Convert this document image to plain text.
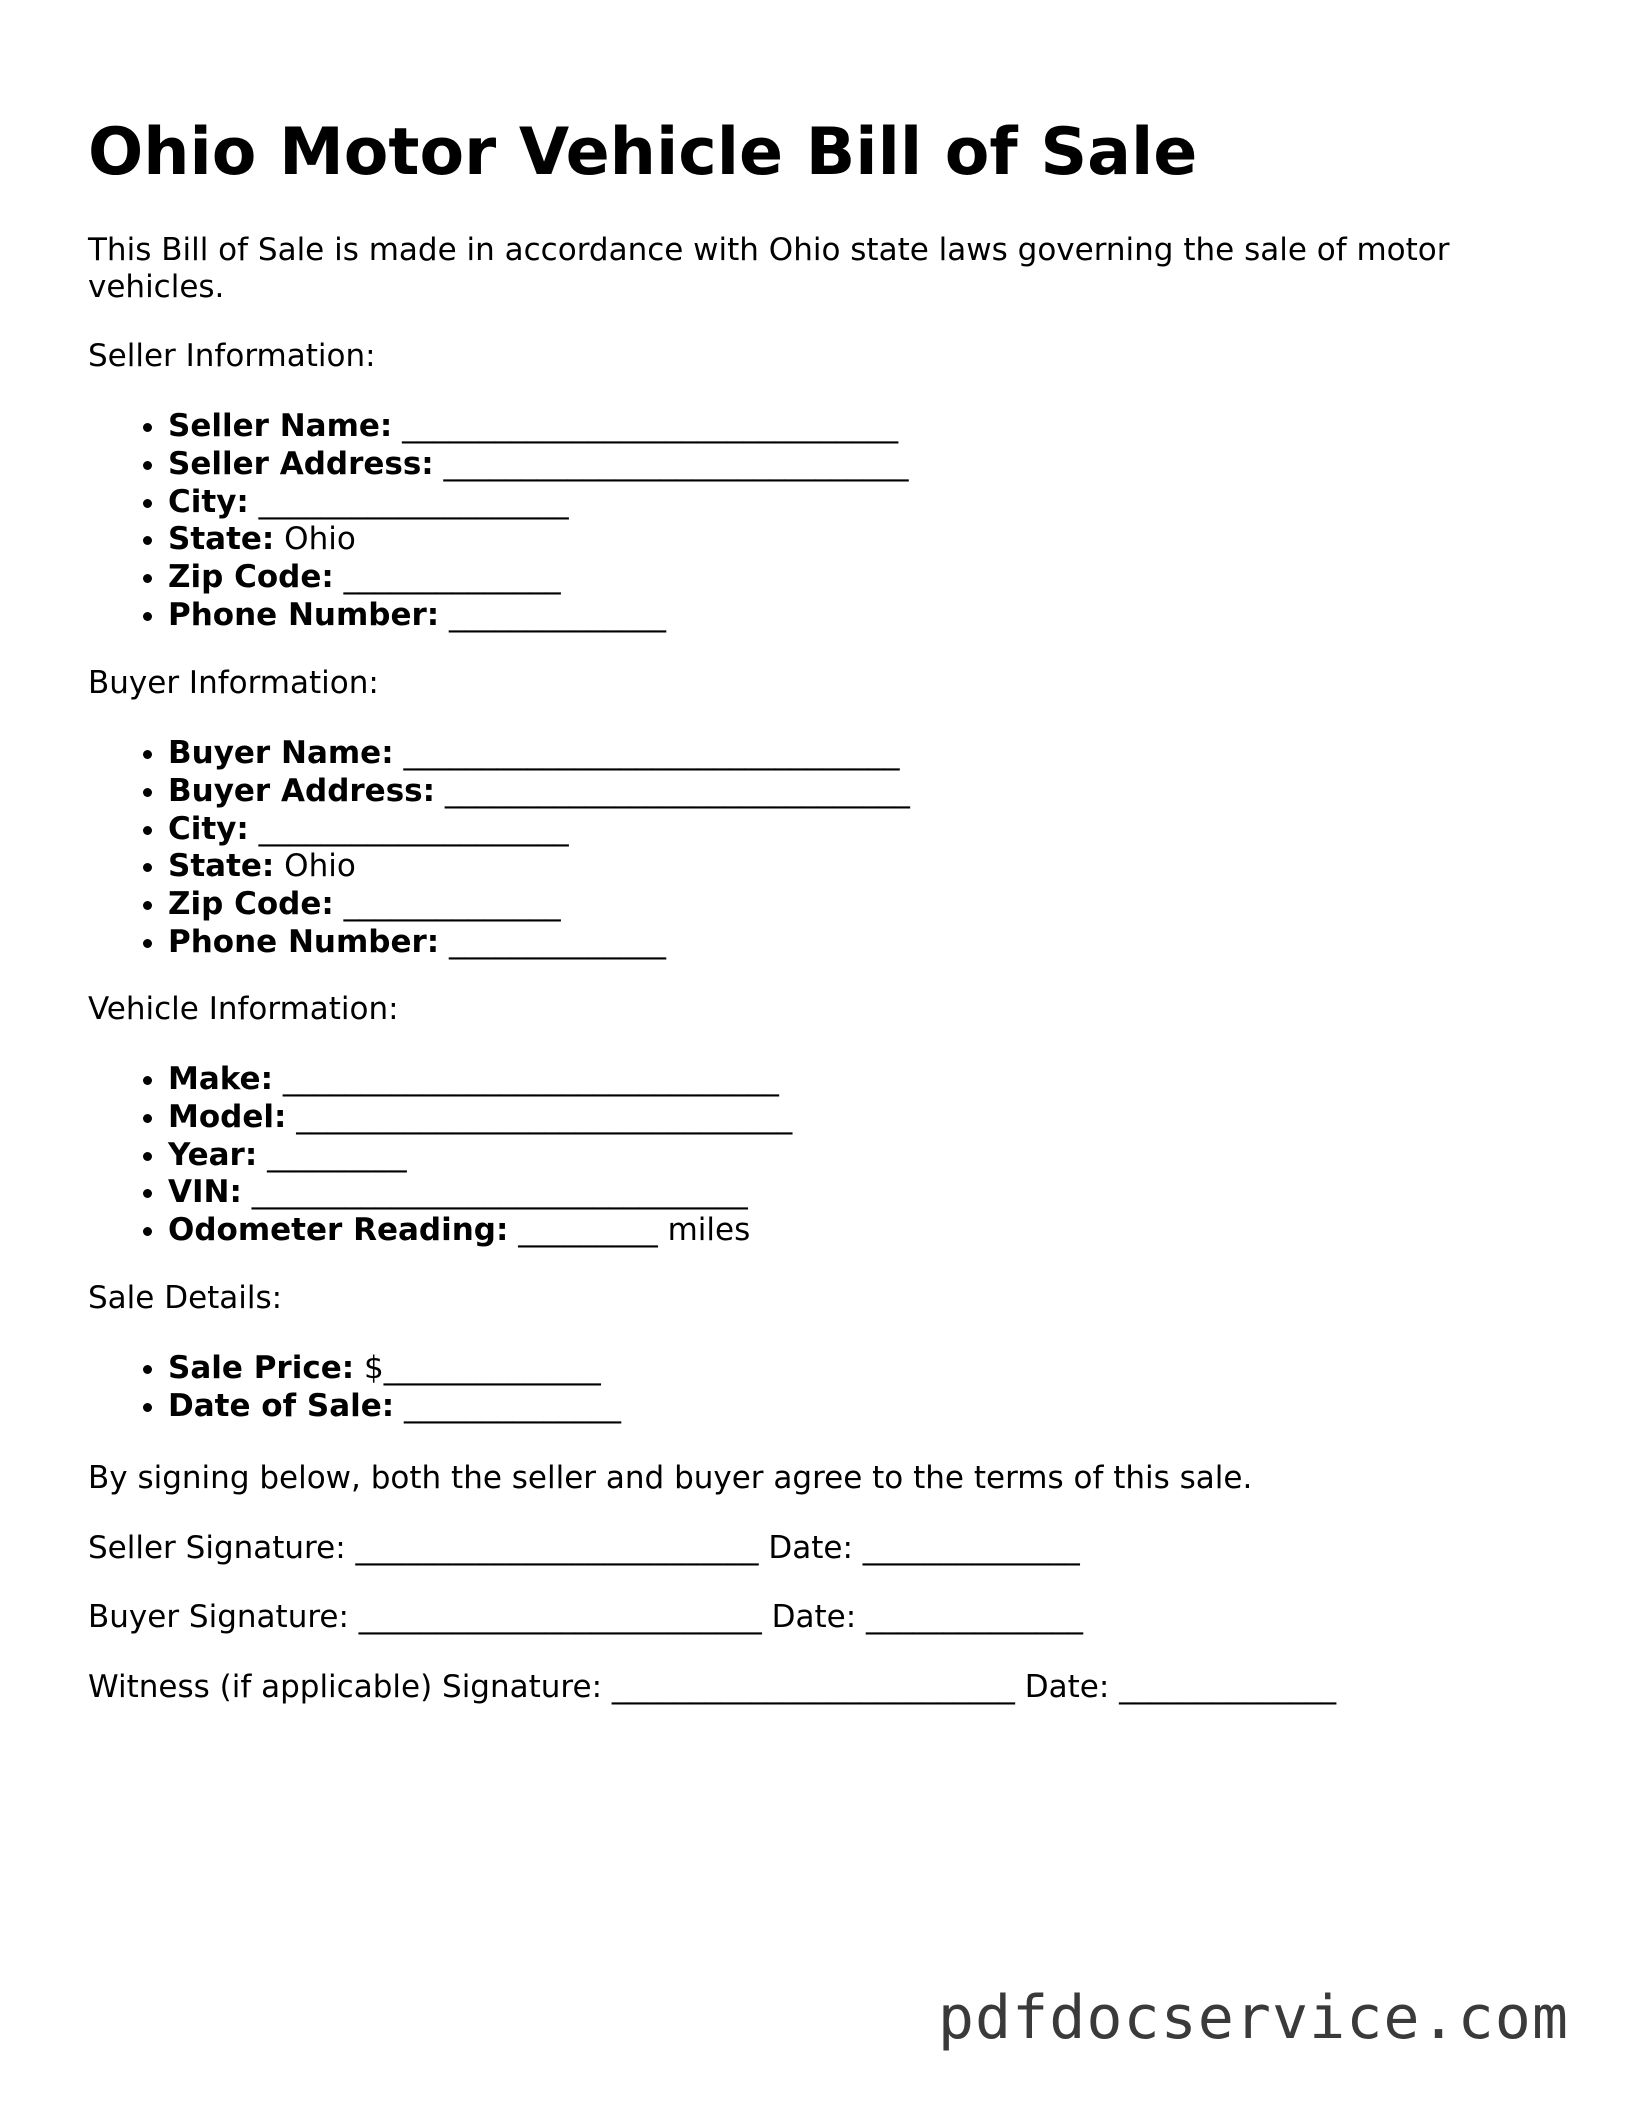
Ohio Motor Vehicle Bill of Sale

This Bill of Sale is made in accordance with Ohio state laws governing the sale of motor vehicles.

Seller Information:

• Seller Name: ________________________________
• Seller Address: ______________________________
• City: ____________________
• State: Ohio
• Zip Code: ______________
• Phone Number: ______________

Buyer Information:

• Buyer Name: ________________________________
• Buyer Address: ______________________________
• City: ____________________
• State: Ohio
• Zip Code: ______________
• Phone Number: ______________

Vehicle Information:

• Make: ________________________________
• Model: ________________________________
• Year: _________
• VIN: ________________________________
• Odometer Reading: _________ miles

Sale Details:

• Sale Price: $______________
• Date of Sale: ______________

By signing below, both the seller and buyer agree to the terms of this sale.

Seller Signature: __________________________ Date: ______________

Buyer Signature: __________________________ Date: ______________

Witness (if applicable) Signature: __________________________ Date: ______________

pdfdocservice.com
